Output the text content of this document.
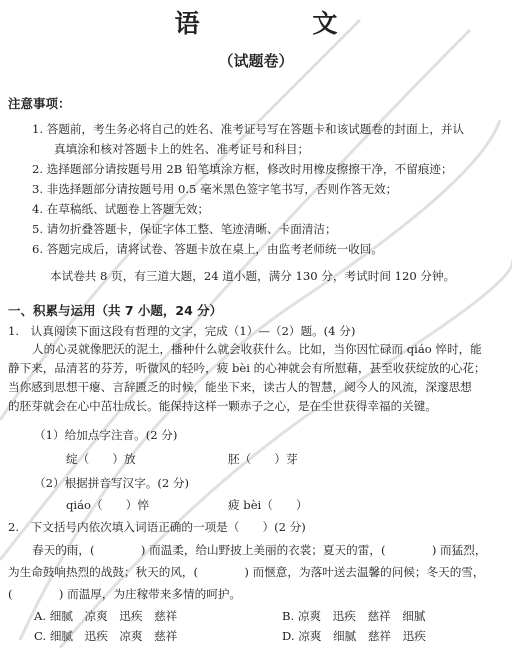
语 文
（试题卷）
注意事项：
1. 答题前，考生务必将自己的姓名、准考证号写在答题卡和该试题卷的封面上，并认
真填涂和核对答题卡上的姓名、准考证号和科目；
2. 选择题部分请按题号用 2B 铅笔填涂方框，修改时用橡皮擦擦干净，不留痕迹；
3. 非选择题部分请按题号用 0.5 毫米黑色签字笔书写，否则作答无效；
4. 在草稿纸、试题卷上答题无效；
5. 请勿折叠答题卡，保证字体工整、笔迹清晰、卡面清洁；
6. 答题完成后，请将试卷、答题卡放在桌上，由监考老师统一收回。
本试卷共 8 页，有三道大题，24 道小题，满分 130 分，考试时间 120 分钟。
一、积累与运用（共 7 小题，24 分）
1.　认真阅读下面这段有哲理的文字，完成（1）—（2）题。(4 分)
人的心灵就像肥沃的泥土，播种什么就会收获什么。比如，当你因忙碌而 qiáo 悴时，能
静下来，品清茗的芬芳，听微风的轻吟，疲 bèi 的心神就会有所慰藉，甚至收获绽放的心花；
当你感到思想干瘪、言辞匮乏的时候，能坐下来，读古人的智慧，阅今人的风流，深邃思想
的胚芽就会在心中茁壮成长。能保持这样一颗赤子之心，是在尘世获得幸福的关键。
（1）给加点字注音。(2 分)
绽（　　）放	胚（　　）芽
（2）根据拼音写汉字。(2 分)
qiáo（　　）悴	疲 bèi（　　）
2.　下文括号内依次填入词语正确的一项是（　　）(2 分)
春天的雨，(　　　　) 而温柔，给山野披上美丽的衣裳；夏天的雷，(　　　　) 而猛烈，
为生命鼓响热烈的战鼓；秋天的风，(　　　　) 而惬意，为落叶送去温馨的问候；冬天的雪，
(　　　　) 而温厚，为庄稼带来多情的呵护。
A. 细腻　凉爽　迅疾　慈祥	B. 凉爽　迅疾　慈祥　细腻
C. 细腻　迅疾　凉爽　慈祥	D. 凉爽　细腻　慈祥　迅疾
